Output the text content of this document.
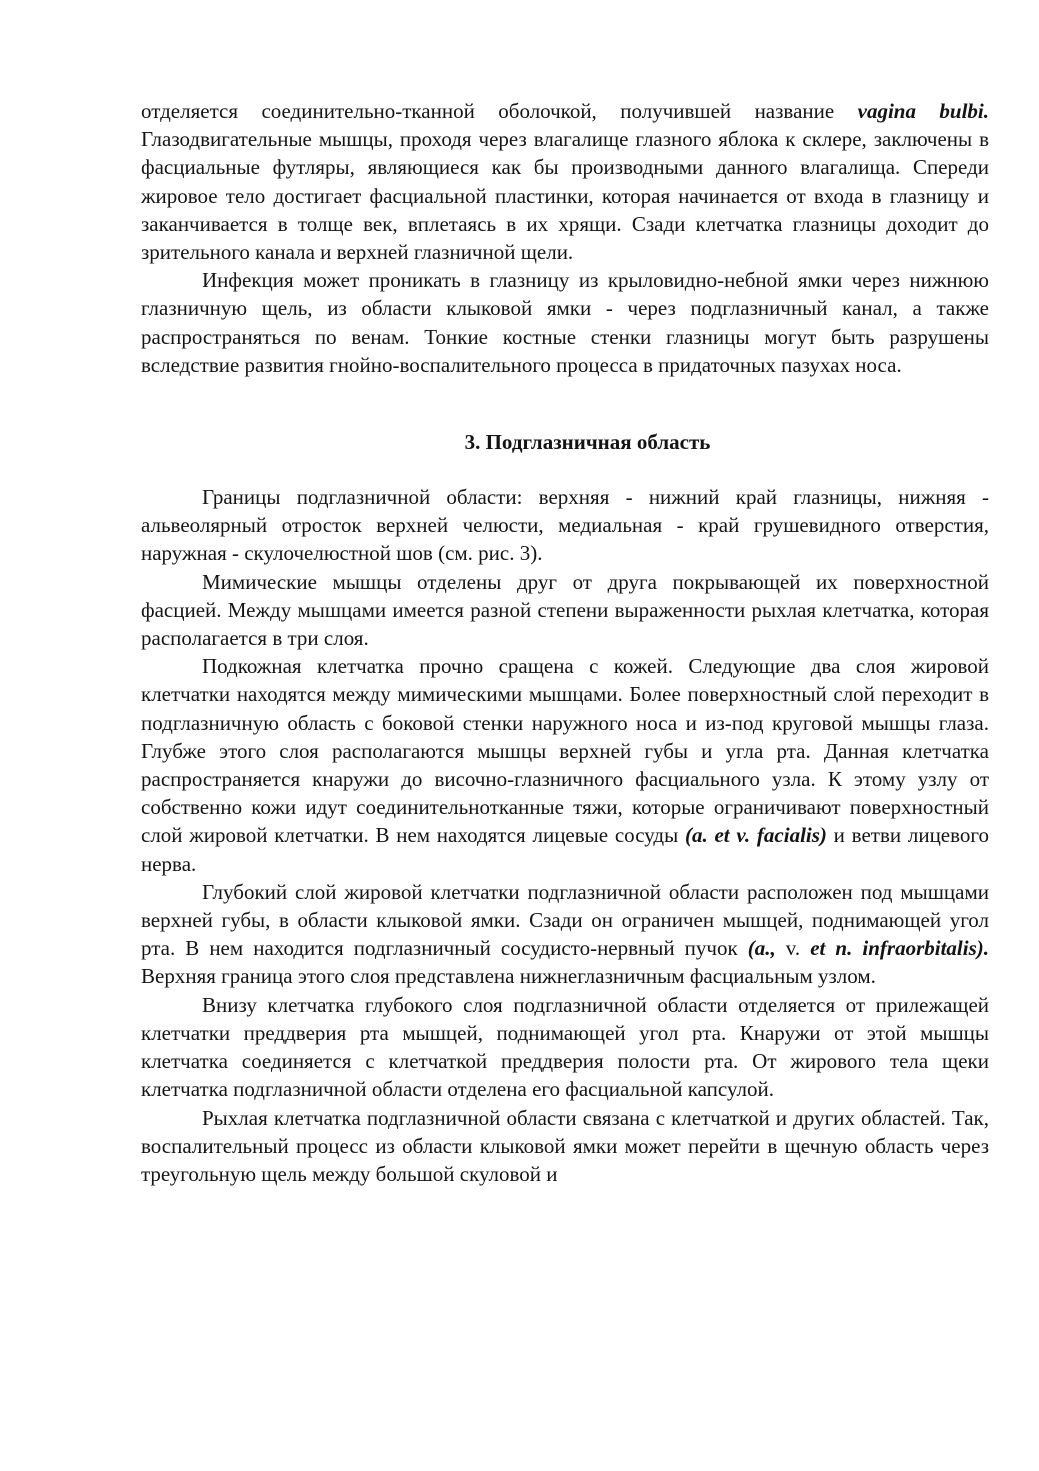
отделяется соединительно-тканной оболочкой, получившей название vagina bulbi. Глазодвигательные мышцы, проходя через влагалище глазного яблока к склере, заключены в фасциальные футляры, являющиеся как бы производными данного влагалища. Спереди жировое тело достигает фасциальной пластинки, которая начинается от входа в глазницу и заканчивается в толще век, вплетаясь в их хрящи. Сзади клетчатка глазницы доходит до зрительного канала и верхней глазничной щели.

Инфекция может проникать в глазницу из крыловидно-небной ямки через нижнюю глазничную щель, из области клыковой ямки - через подглазничный канал, а также распространяться по венам. Тонкие костные стенки глазницы могут быть разрушены вследствие развития гнойно-воспалительного процесса в придаточных пазухах носа.

3. Подглазничная область

Границы подглазничной области: верхняя - нижний край глазницы, нижняя - альвеолярный отросток верхней челюсти, медиальная - край грушевидного отверстия, наружная - скулочелюстной шов (см. рис. 3).

Мимические мышцы отделены друг от друга покрывающей их поверхностной фасцией. Между мышцами имеется разной степени выраженности рыхлая клетчатка, которая располагается в три слоя.

Подкожная клетчатка прочно сращена с кожей. Следующие два слоя жировой клетчатки находятся между мимическими мышцами. Более поверхностный слой переходит в подглазничную область с боковой стенки наружного носа и из-под круговой мышцы глаза. Глубже этого слоя располагаются мышцы верхней губы и угла рта. Данная клетчатка распространяется кнаружи до височно-глазничного фасциального узла. К этому узлу от собственно кожи идут соединительнотканные тяжи, которые ограничивают поверхностный слой жировой клетчатки. В нем находятся лицевые сосуды (a. et v. facialis) и ветви лицевого нерва.

Глубокий слой жировой клетчатки подглазничной области расположен под мышцами верхней губы, в области клыковой ямки. Сзади он ограничен мышцей, поднимающей угол рта. В нем находится подглазничный сосудисто-нервный пучок (a., v. et n. infraorbitalis). Верхняя граница этого слоя представлена нижнеглазничным фасциальным узлом.

Внизу клетчатка глубокого слоя подглазничной области отделяется от прилежащей клетчатки преддверия рта мышцей, поднимающей угол рта. Кнаружи от этой мышцы клетчатка соединяется с клетчаткой преддверия полости рта. От жирового тела щеки клетчатка подглазничной области отделена его фасциальной капсулой.

Рыхлая клетчатка подглазничной области связана с клетчаткой и других областей. Так, воспалительный процесс из области клыковой ямки может перейти в щечную область через треугольную щель между большой скуловой и
